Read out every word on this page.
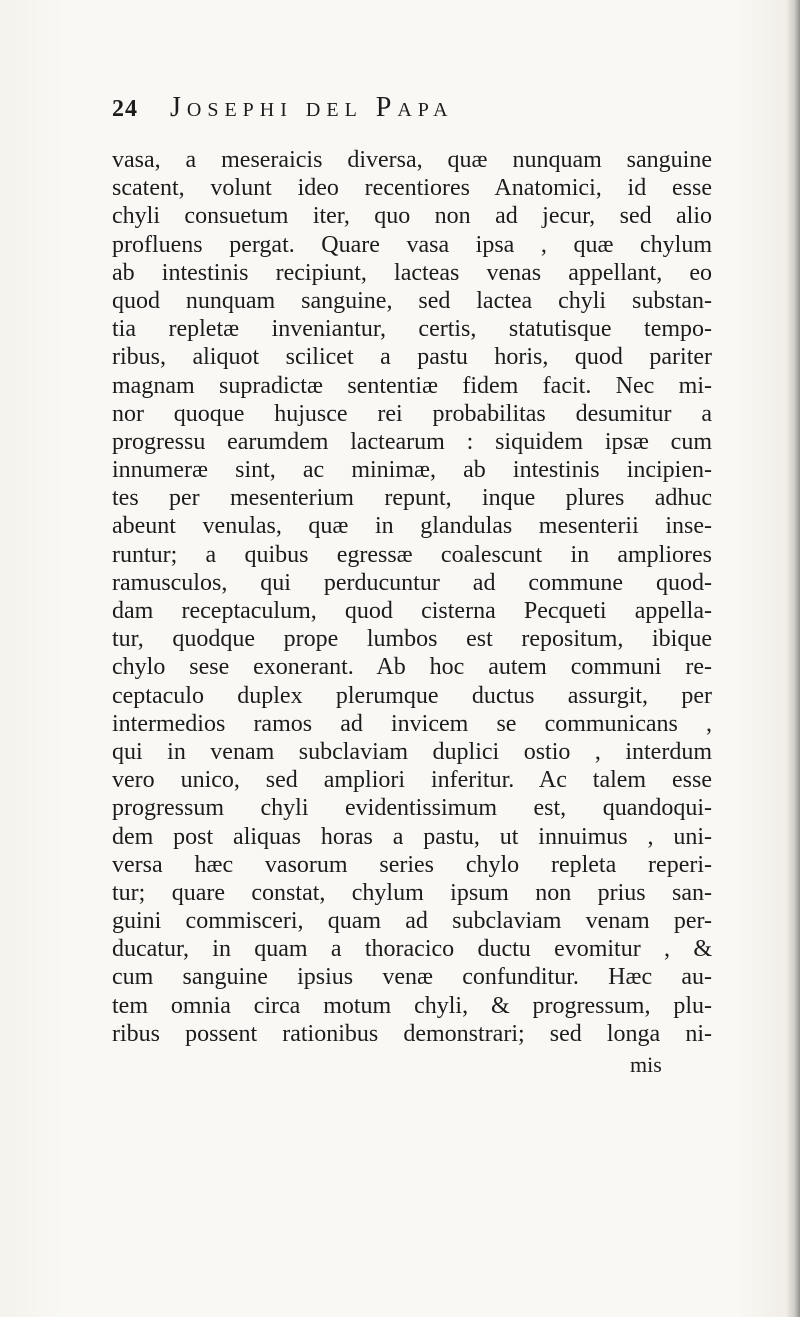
24 Josephi del Papa
vasa, a meseraicis diversa, quæ nunquam sanguine
scatent, volunt ideo recentiores Anatomici, id esse
chyli consuetum iter, quo non ad jecur, sed alio
profluens pergat. Quare vasa ipsa , quæ chylum
ab intestinis recipiunt, lacteas venas appellant, eo
quod nunquam sanguine, sed lactea chyli substan-
tia repletæ inveniantur, certis, statutisque tempo-
ribus, aliquot scilicet a pastu horis, quod pariter
magnam supradictæ sententiæ fidem facit. Nec mi-
nor quoque hujusce rei probabilitas desumitur a
progressu earumdem lactearum : siquidem ipsæ cum
innumeræ sint, ac minimæ, ab intestinis incipien-
tes per mesenterium repunt, inque plures adhuc
abeunt venulas, quæ in glandulas mesenterii inse-
runtur; a quibus egressæ coalescunt in ampliores
ramusculos, qui perducuntur ad commune quod-
dam receptaculum, quod cisterna Pecqueti appella-
tur, quodque prope lumbos est repositum, ibique
chylo sese exonerant. Ab hoc autem communi re-
ceptaculo duplex plerumque ductus assurgit, per
intermedios ramos ad invicem se communicans ,
qui in venam subclaviam duplici ostio , interdum
vero unico, sed ampliori inferitur. Ac talem esse
progressum chyli evidentissimum est, quandoqui-
dem post aliquas horas a pastu, ut innuimus , uni-
versa hæc vasorum series chylo repleta reperi-
tur; quare constat, chylum ipsum non prius san-
guini commisceri, quam ad subclaviam venam per-
ducatur, in quam a thoracico ductu evomitur , &
cum sanguine ipsius venæ confunditur. Hæc au-
tem omnia circa motum chyli, & progressum, plu-
ribus possent rationibus demonstrari; sed longa ni-
mis
